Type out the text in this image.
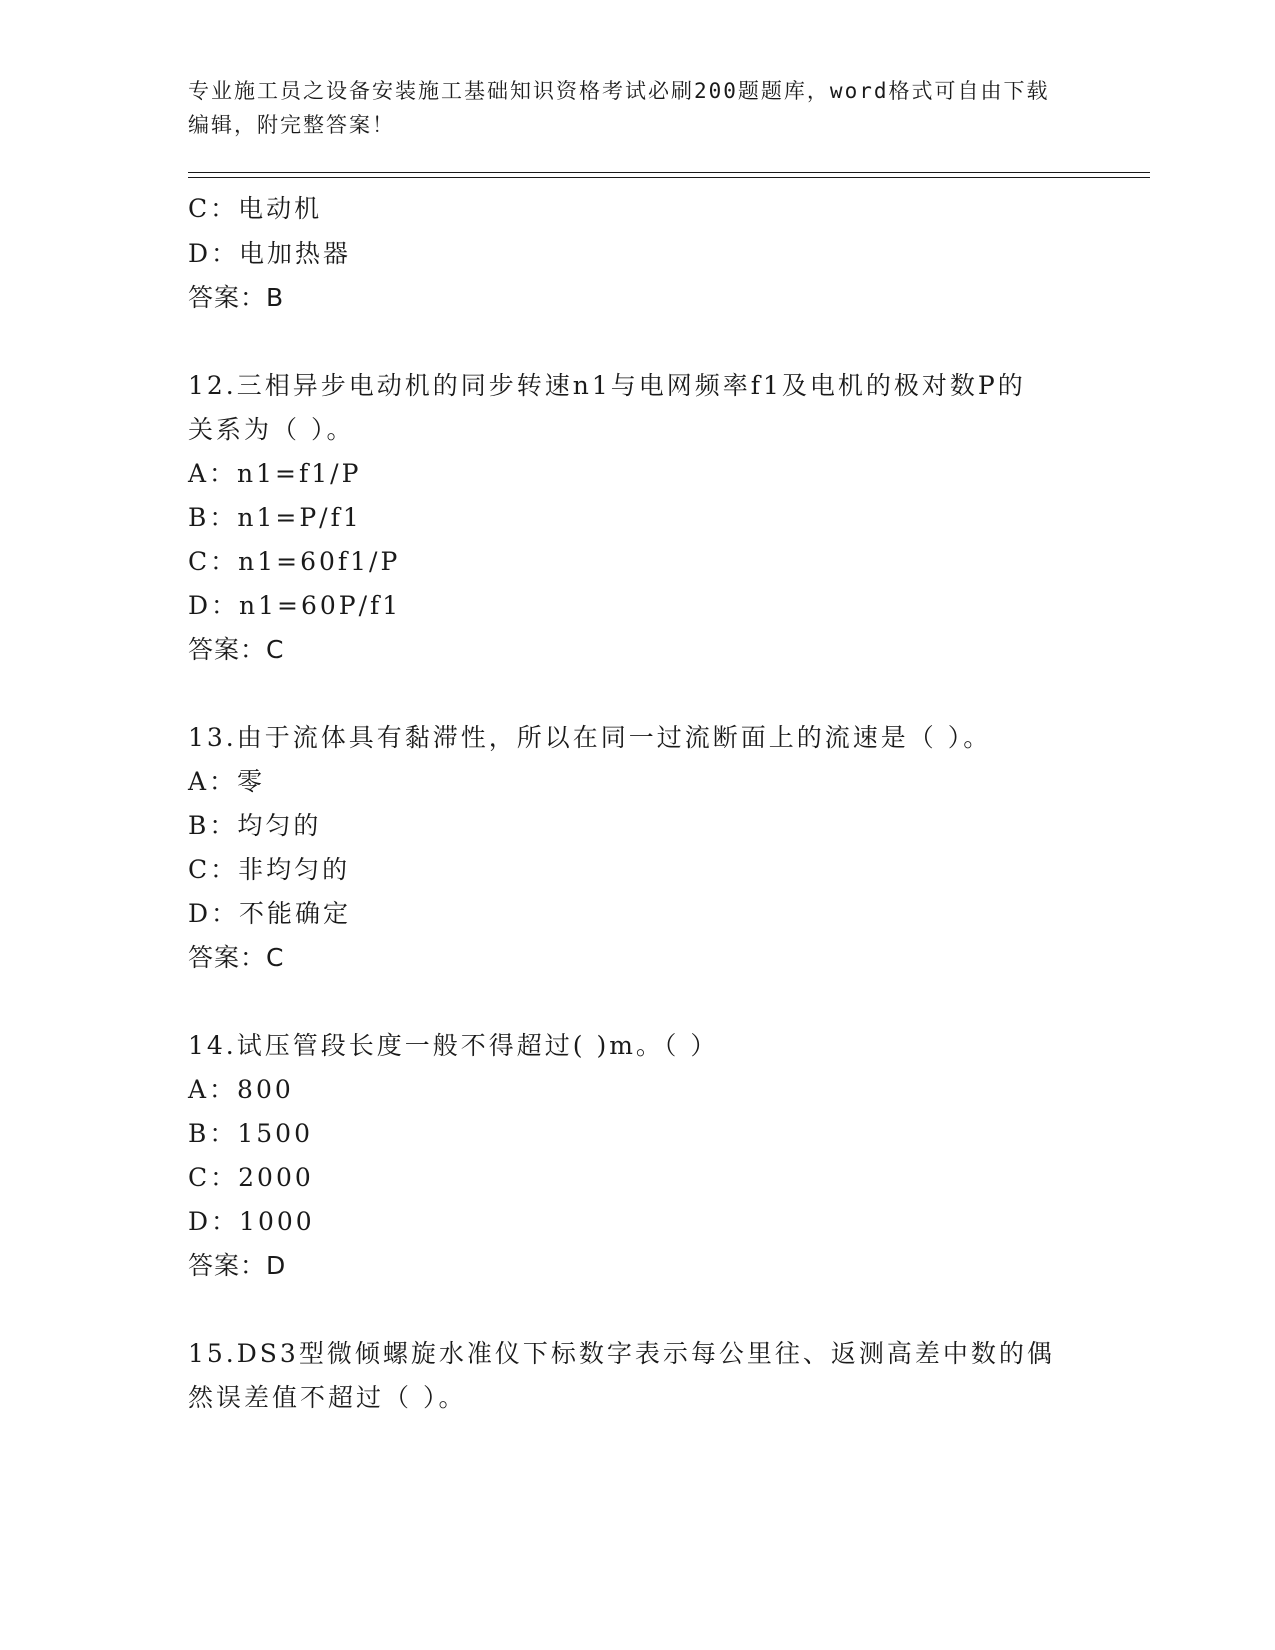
专业施工员之设备安装施工基础知识资格考试必刷200题题库，word格式可自由下载编辑，附完整答案！
C：电动机
D：电加热器
答案：B
12.三相异步电动机的同步转速n1与电网频率f1及电机的极对数P的
关系为（ ）。
A：n1=f1/P
B：n1=P/f1
C：n1=60f1/P
D：n1=60P/f1
答案：C
13.由于流体具有黏滞性，所以在同一过流断面上的流速是（ ）。
A：零
B：均匀的
C：非均匀的
D：不能确定
答案：C
14.试压管段长度一般不得超过( )m。（ ）
A：800
B：1500
C：2000
D：1000
答案：D
15.DS3型微倾螺旋水准仪下标数字表示每公里往、返测高差中数的偶
然误差值不超过（ ）。
